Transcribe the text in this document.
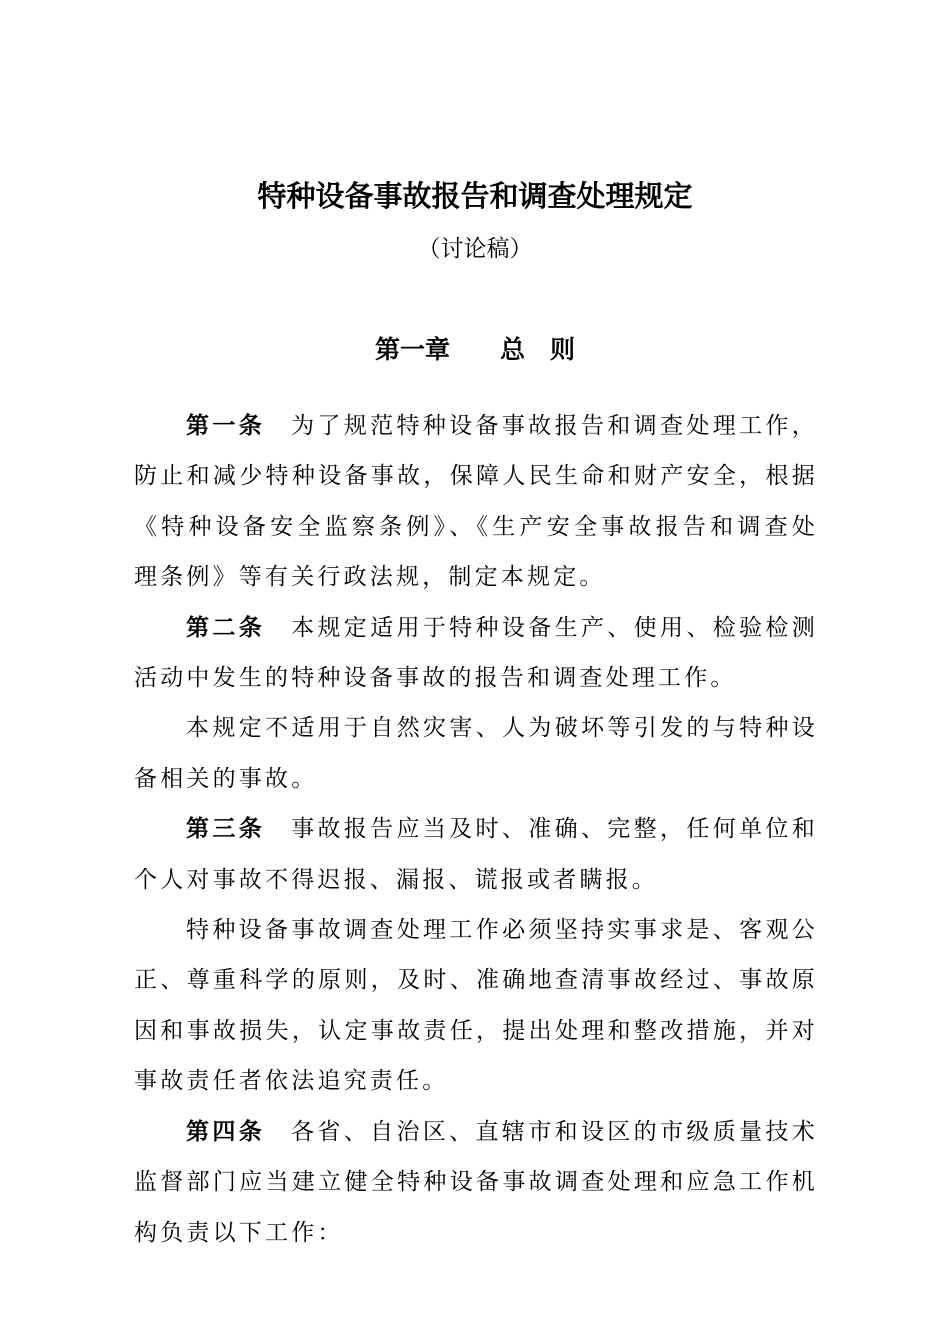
特种设备事故报告和调查处理规定

（讨论稿）

第一章 总　则

第一条 为了规范特种设备事故报告和调查处理工作，防止和减少特种设备事故，保障人民生命和财产安全，根据《特种设备安全监察条例》、《生产安全事故报告和调查处理条例》等有关行政法规，制定本规定。

第二条 本规定适用于特种设备生产、使用、检验检测活动中发生的特种设备事故的报告和调查处理工作。

本规定不适用于自然灾害、人为破坏等引发的与特种设备相关的事故。

第三条 事故报告应当及时、准确、完整，任何单位和个人对事故不得迟报、漏报、谎报或者瞒报。

特种设备事故调查处理工作必须坚持实事求是、客观公正、尊重科学的原则，及时、准确地查清事故经过、事故原因和事故损失，认定事故责任，提出处理和整改措施，并对事故责任者依法追究责任。

第四条 各省、自治区、直辖市和设区的市级质量技术监督部门应当建立健全特种设备事故调查处理和应急工作机构负责以下工作：
